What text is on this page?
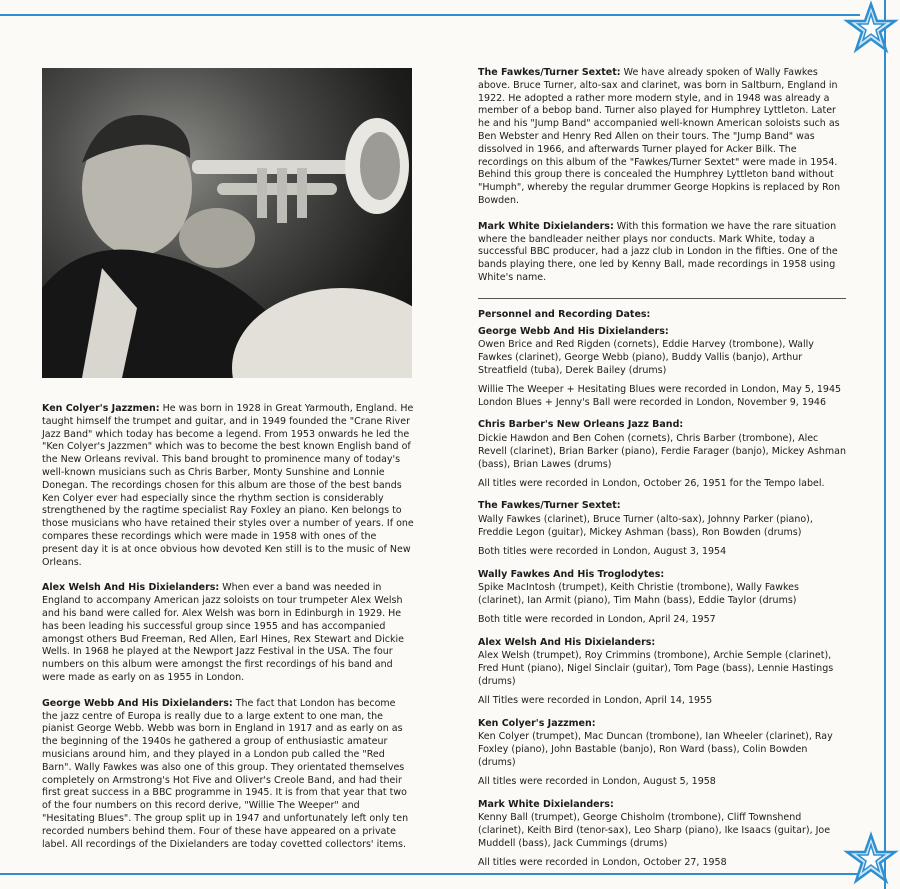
Ken Colyer's Jazzmen: He was born in 1928 in Great Yarmouth, England. He taught himself the trumpet and guitar, and in 1949 founded the "Crane River Jazz Band" which today has become a legend. From 1953 onwards he led the "Ken Colyer's Jazzmen" which was to become the best known English band of the New Orleans revival. This band brought to prominence many of today's well-known musicians such as Chris Barber, Monty Sunshine and Lonnie Donegan. The recordings chosen for this album are those of the best bands Ken Colyer ever had especially since the rhythm section is considerably strengthened by the ragtime specialist Ray Foxley an piano. Ken belongs to those musicians who have retained their styles over a number of years. If one compares these recordings which were made in 1958 with ones of the present day it is at once obvious how devoted Ken still is to the music of New Orleans.

Alex Welsh And His Dixielanders: When ever a band was needed in England to accompany American jazz soloists on tour trumpeter Alex Welsh and his band were called for. Alex Welsh was born in Edinburgh in 1929. He has been leading his successful group since 1955 and has accompanied amongst others Bud Freeman, Red Allen, Earl Hines, Rex Stewart and Dickie Wells. In 1968 he played at the Newport Jazz Festival in the USA. The four numbers on this album were amongst the first recordings of his band and were made as early on as 1955 in London.

George Webb And His Dixielanders: The fact that London has become the jazz centre of Europa is really due to a large extent to one man, the pianist George Webb. Webb was born in England in 1917 and as early on as the beginning of the 1940s he gathered a group of enthusiastic amateur musicians around him, and they played in a London pub called the "Red Barn". Wally Fawkes was also one of this group. They orientated themselves completely on Armstrong's Hot Five and Oliver's Creole Band, and had their first great success in a BBC programme in 1945. It is from that year that two of the four numbers on this record derive, "Willie The Weeper" and "Hesitating Blues". The group split up in 1947 and unfortunately left only ten recorded numbers behind them. Four of these have appeared on a private label. All recordings of the Dixielanders are today covetted collectors' items.

The Fawkes/Turner Sextet: We have already spoken of Wally Fawkes above. Bruce Turner, alto-sax and clarinet, was born in Saltburn, England in 1922. He adopted a rather more modern style, and in 1948 was already a member of a bebop band. Turner also played for Humphrey Lyttleton. Later he and his "Jump Band" accompanied well-known American soloists such as Ben Webster and Henry Red Allen on their tours. The "Jump Band" was dissolved in 1966, and afterwards Turner played for Acker Bilk. The recordings on this album of the "Fawkes/Turner Sextet" were made in 1954. Behind this group there is concealed the Humphrey Lyttleton band without "Humph", whereby the regular drummer George Hopkins is replaced by Ron Bowden.

Mark White Dixielanders: With this formation we have the rare situation where the bandleader neither plays nor conducts. Mark White, today a successful BBC producer, had a jazz club in London in the fifties. One of the bands playing there, one led by Kenny Ball, made recordings in 1958 using White's name.

Personnel and Recording Dates:
George Webb And His Dixielanders:
Owen Brice and Red Rigden (cornets), Eddie Harvey (trombone), Wally Fawkes (clarinet), George Webb (piano), Buddy Vallis (banjo), Arthur Streatfield (tuba), Derek Bailey (drums)
Willie The Weeper + Hesitating Blues were recorded in London, May 5, 1945
London Blues + Jenny's Ball were recorded in London, November 9, 1946
Chris Barber's New Orleans Jazz Band:
Dickie Hawdon and Ben Cohen (cornets), Chris Barber (trombone), Alec Revell (clarinet), Brian Barker (piano), Ferdie Farager (banjo), Mickey Ashman (bass), Brian Lawes (drums)
All titles were recorded in London, October 26, 1951 for the Tempo label.
The Fawkes/Turner Sextet:
Wally Fawkes (clarinet), Bruce Turner (alto-sax), Johnny Parker (piano), Freddie Legon (guitar), Mickey Ashman (bass), Ron Bowden (drums)
Both titles were recorded in London, August 3, 1954
Wally Fawkes And His Troglodytes:
Spike MacIntosh (trumpet), Keith Christie (trombone), Wally Fawkes (clarinet), Ian Armit (piano), Tim Mahn (bass), Eddie Taylor (drums)
Both title were recorded in London, April 24, 1957
Alex Welsh And His Dixielanders:
Alex Welsh (trumpet), Roy Crimmins (trombone), Archie Semple (clarinet), Fred Hunt (piano), Nigel Sinclair (guitar), Tom Page (bass), Lennie Hastings (drums)
All Titles were recorded in London, April 14, 1955
Ken Colyer's Jazzmen:
Ken Colyer (trumpet), Mac Duncan (trombone), Ian Wheeler (clarinet), Ray Foxley (piano), John Bastable (banjo), Ron Ward (bass), Colin Bowden (drums)
All titles were recorded in London, August 5, 1958
Mark White Dixielanders:
Kenny Ball (trumpet), George Chisholm (trombone), Cliff Townshend (clarinet), Keith Bird (tenor-sax), Leo Sharp (piano), Ike Isaacs (guitar), Joe Muddell (bass), Jack Cummings (drums)
All titles were recorded in London, October 27, 1958
